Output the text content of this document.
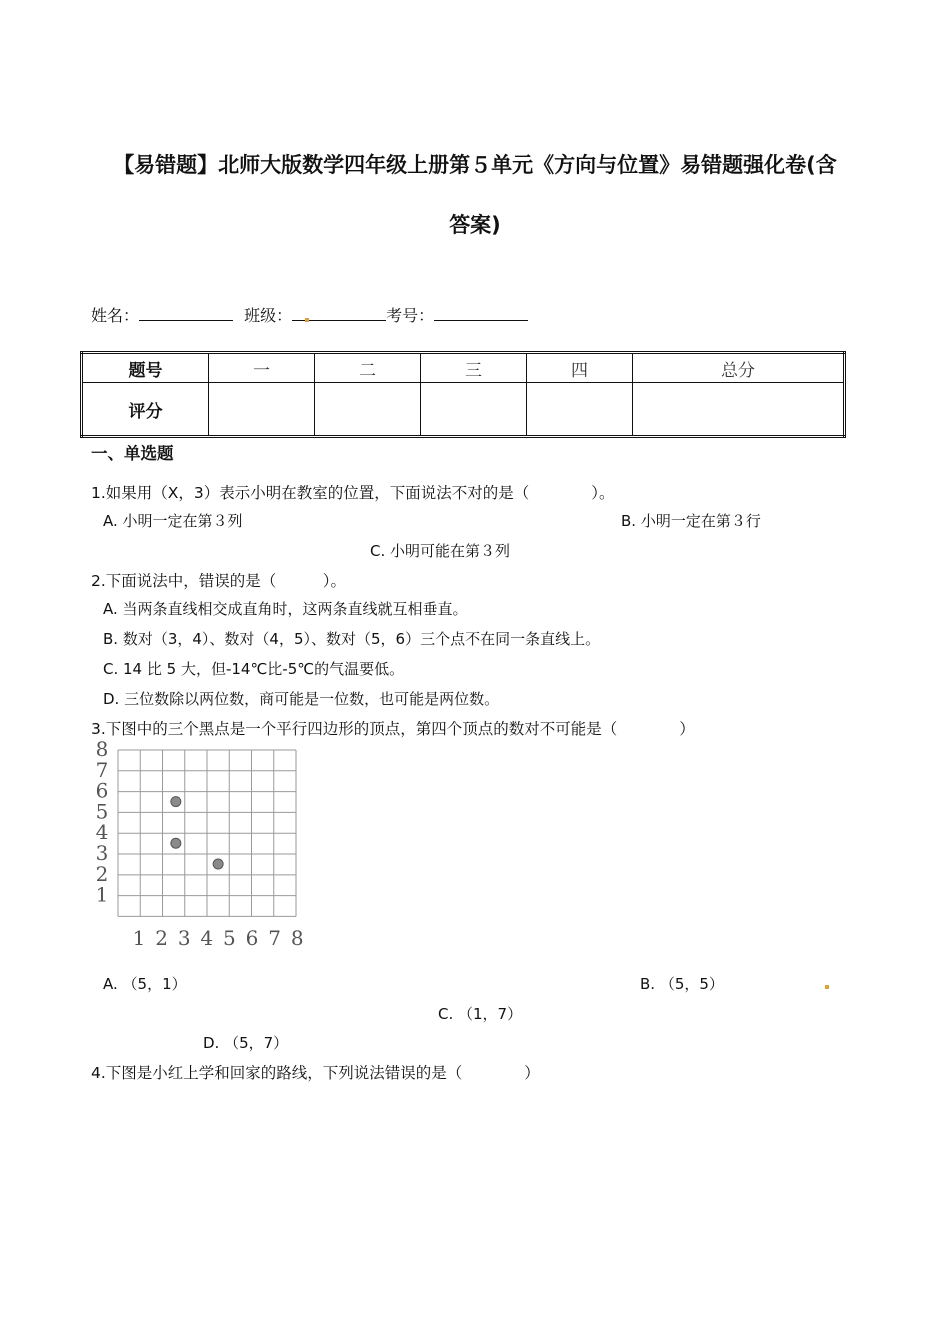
【易错题】北师大版数学四年级上册第５单元《方向与位置》易错题强化卷(含
答案)
姓名：	班级：	考号：
题号	一	二	三	四	总分
评分					
一、单选题
1.如果用（X，3）表示小明在教室的位置，下面说法不对的是（　　　　）。
A. 小明一定在第３列	B. 小明一定在第３行
C. 小明可能在第３列
2.下面说法中，错误的是（　　　）。
A. 当两条直线相交成直角时，这两条直线就互相垂直。
B. 数对（3，4）、数对（4，5）、数对（5，6）三个点不在同一条直线上。
C. 14 比 5 大，但-14℃比-5℃的气温要低。
D. 三位数除以两位数，商可能是一位数，也可能是两位数。
3.下图中的三个黑点是一个平行四边形的顶点，第四个顶点的数对不可能是（　　　　）
8
7
6
5
4
3
2
1
1 2 3 4 5 6 7 8
A. （5，1）	B. （5，5）
C. （1，7）
D. （5，7）
4.下图是小红上学和回家的路线，下列说法错误的是（　　　　）
